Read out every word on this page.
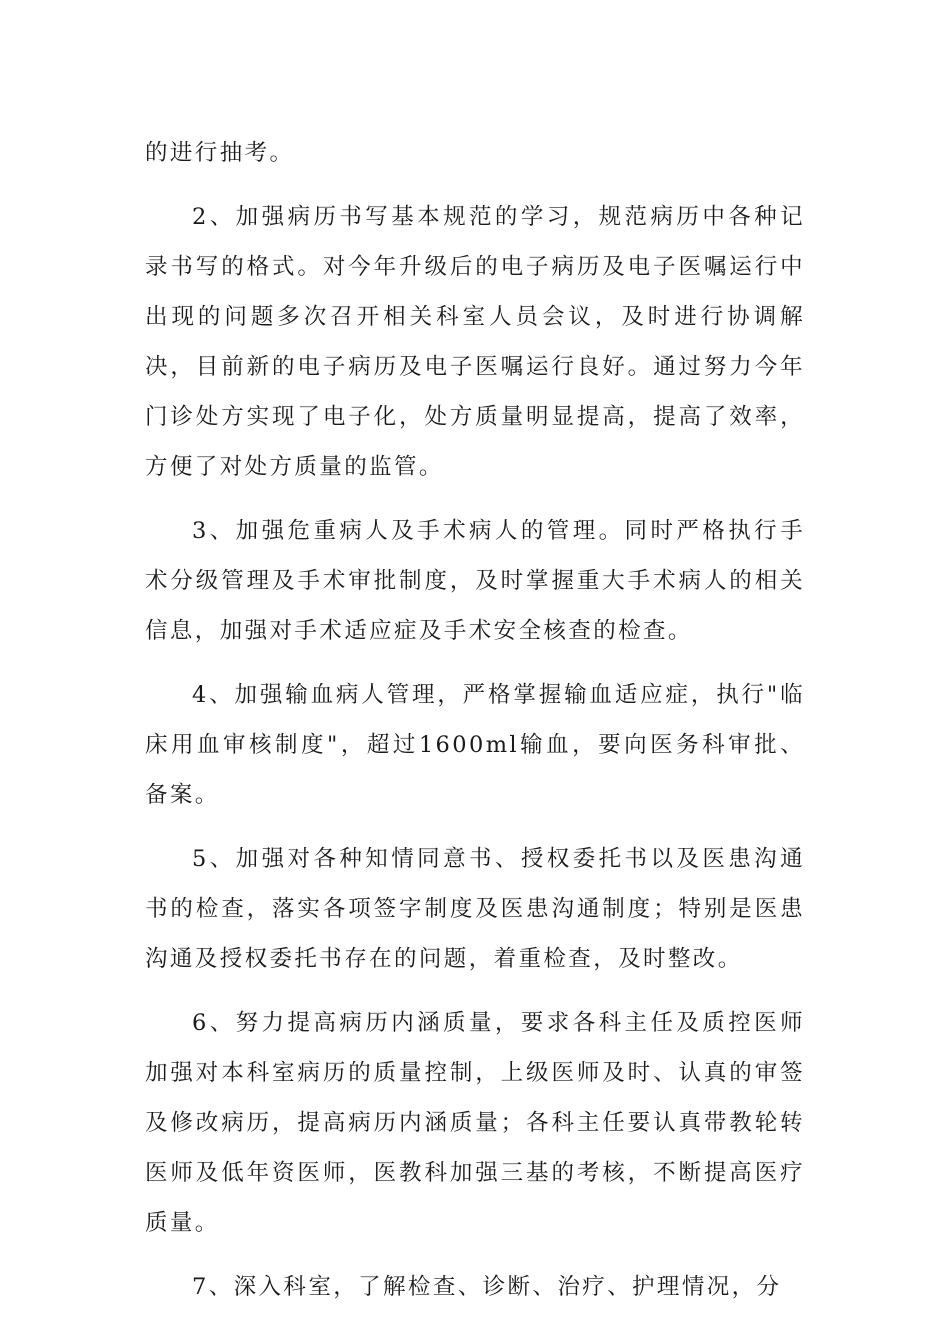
的进行抽考。

2、加强病历书写基本规范的学习，规范病历中各种记录书写的格式。对今年升级后的电子病历及电子医嘱运行中出现的问题多次召开相关科室人员会议，及时进行协调解决，目前新的电子病历及电子医嘱运行良好。通过努力今年门诊处方实现了电子化，处方质量明显提高，提高了效率，方便了对处方质量的监管。

3、加强危重病人及手术病人的管理。同时严格执行手术分级管理及手术审批制度，及时掌握重大手术病人的相关信息，加强对手术适应症及手术安全核查的检查。

4、加强输血病人管理，严格掌握输血适应症，执行"临床用血审核制度"，超过1600ml输血，要向医务科审批、备案。

5、加强对各种知情同意书、授权委托书以及医患沟通书的检查，落实各项签字制度及医患沟通制度；特别是医患沟通及授权委托书存在的问题，着重检查，及时整改。

6、努力提高病历内涵质量，要求各科主任及质控医师加强对本科室病历的质量控制，上级医师及时、认真的审签及修改病历，提高病历内涵质量；各科主任要认真带教轮转医师及低年资医师，医教科加强三基的考核，不断提高医疗质量。

7、深入科室，了解检查、诊断、治疗、护理情况，分
